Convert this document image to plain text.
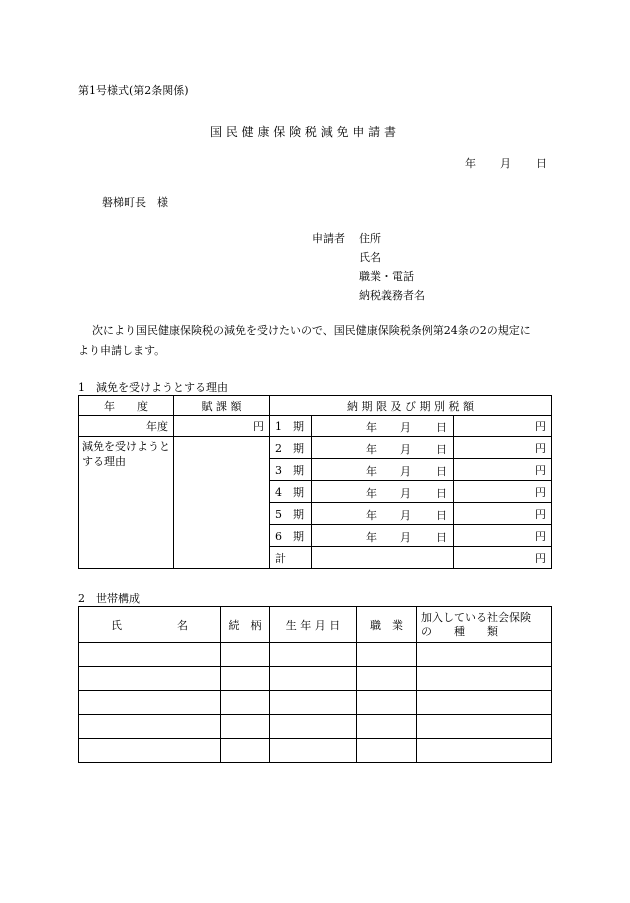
第1号様式(第2条関係)
国 民 健 康 保 険 税 減 免 申 請 書
年 月 日
磐梯町長　様
申請者 住所
氏名
職業・電話
納税義務者名
次により国民健康保険税の減免を受けたいので、国民健康保険税条例第24条の2の規定に
より申請します。
1　減免を受けようとする理由
年　　度	賦 課 額	納 期 限 及 び 期 別 税 額		
年度	円	1　期	年 月 日	円
減免を受けようとする理由		2　期	年 月 日	円
		3　期	年 月 日	円
		4　期	年 月 日	円
		5　期	年 月 日	円
		6　期	年 月 日	円
		計		円
2　世帯構成
氏　　　　　名	続　柄	生 年 月 日	職　業	加入している社会保険
の　　種　　類
